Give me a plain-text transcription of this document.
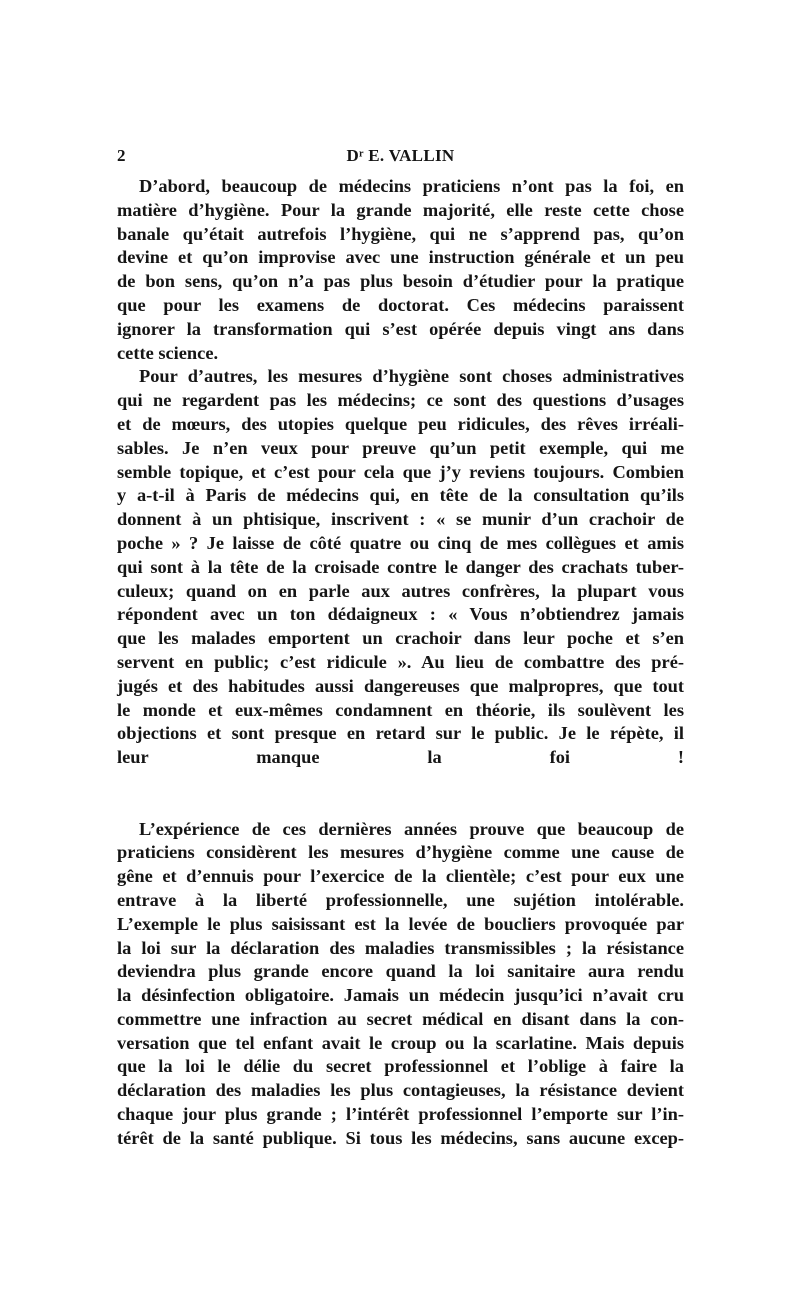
2	Dʳ E. VALLIN
D’abord, beaucoup de médecins praticiens n’ont pas la foi, en
matière d’hygiène. Pour la grande majorité, elle reste cette chose
banale qu’était autrefois l’hygiène, qui ne s’apprend pas, qu’on
devine et qu’on improvise avec une instruction générale et un peu
de bon sens, qu’on n’a pas plus besoin d’étudier pour la pratique
que pour les examens de doctorat. Ces médecins paraissent
ignorer la transformation qui s’est opérée depuis vingt ans dans
cette science.
Pour d’autres, les mesures d’hygiène sont choses administratives
qui ne regardent pas les médecins; ce sont des questions d’usages
et de mœurs, des utopies quelque peu ridicules, des rêves irréali-
sables. Je n’en veux pour preuve qu’un petit exemple, qui me
semble topique, et c’est pour cela que j’y reviens toujours. Combien
y a-t-il à Paris de médecins qui, en tête de la consultation qu’ils
donnent à un phtisique, inscrivent : « se munir d’un crachoir de
poche » ? Je laisse de côté quatre ou cinq de mes collègues et amis
qui sont à la tête de la croisade contre le danger des crachats tuber-
culeux; quand on en parle aux autres confrères, la plupart vous
répondent avec un ton dédaigneux : « Vous n’obtiendrez jamais
que les malades emportent un crachoir dans leur poche et s’en
servent en public; c’est ridicule ». Au lieu de combattre des pré-
jugés et des habitudes aussi dangereuses que malpropres, que tout
le monde et eux-mêmes condamnent en théorie, ils soulèvent les
objections et sont presque en retard sur le public. Je le répète, il
leur manque la foi !
L’expérience de ces dernières années prouve que beaucoup de
praticiens considèrent les mesures d’hygiène comme une cause de
gêne et d’ennuis pour l’exercice de la clientèle; c’est pour eux une
entrave à la liberté professionnelle, une sujétion intolérable.
L’exemple le plus saisissant est la levée de boucliers provoquée par
la loi sur la déclaration des maladies transmissibles ; la résistance
deviendra plus grande encore quand la loi sanitaire aura rendu
la désinfection obligatoire. Jamais un médecin jusqu’ici n’avait cru
commettre une infraction au secret médical en disant dans la con-
versation que tel enfant avait le croup ou la scarlatine. Mais depuis
que la loi le délie du secret professionnel et l’oblige à faire la
déclaration des maladies les plus contagieuses, la résistance devient
chaque jour plus grande ; l’intérêt professionnel l’emporte sur l’in-
térêt de la santé publique. Si tous les médecins, sans aucune excep-
